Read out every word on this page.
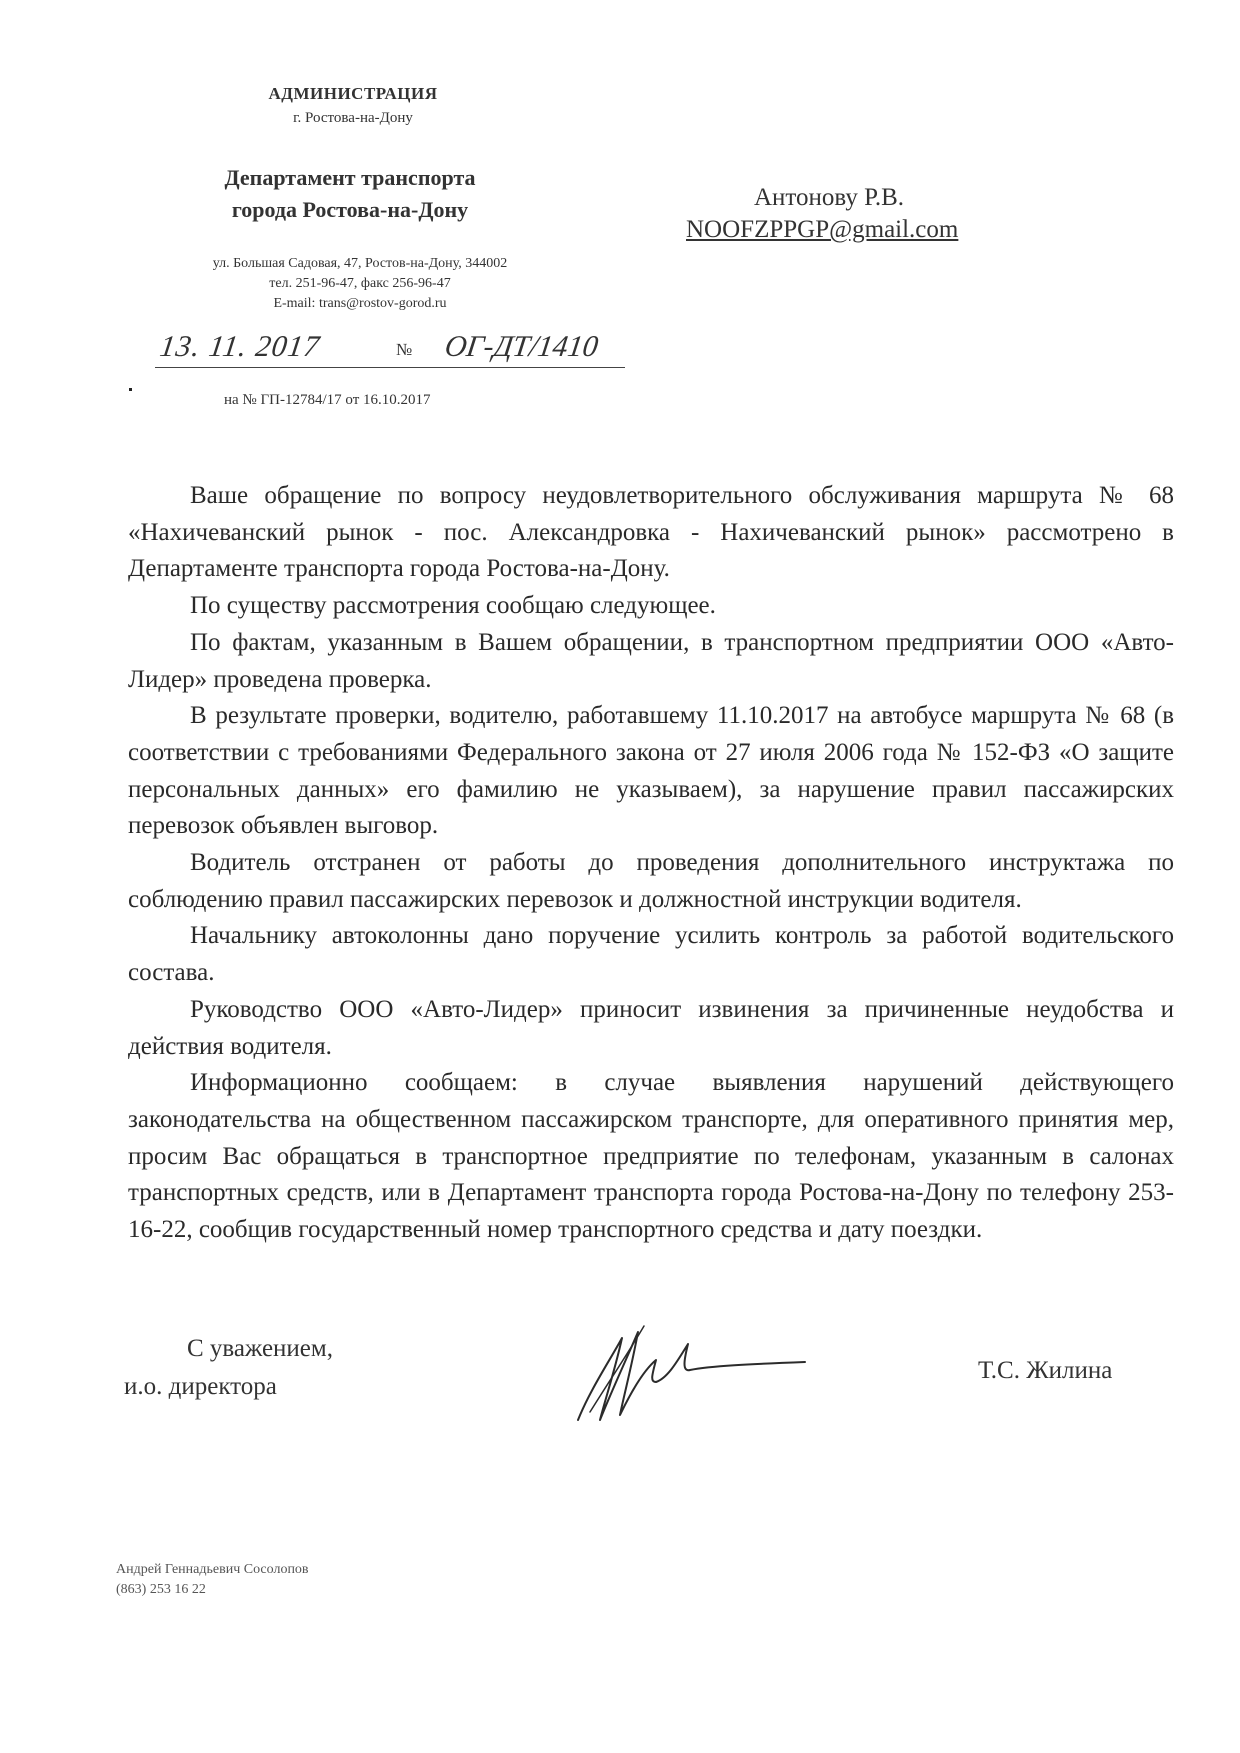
АДМИНИСТРАЦИЯ
г. Ростова-на-Дону
Департамент транспорта
города Ростова-на-Дону
ул. Большая Садовая, 47, Ростов-на-Дону, 344002
тел. 251-96-47, факс 256-96-47
E-mail: trans@rostov-gorod.ru
13. 11. 2017	№ ОГ-ДТ/1410
на № ГП-12784/17 от 16.10.2017
Антонову Р.В.
NOOFZPPGP@gmail.com

Ваше обращение по вопросу неудовлетворительного обслуживания маршрута № 68 «Нахичеванский рынок - пос. Александровка - Нахичеванский рынок» рассмотрено в Департаменте транспорта города Ростова-на-Дону.

По существу рассмотрения сообщаю следующее.

По фактам, указанным в Вашем обращении, в транспортном предприятии ООО «Авто-Лидер» проведена проверка.

В результате проверки, водителю, работавшему 11.10.2017 на автобусе маршрута № 68 (в соответствии с требованиями Федерального закона от 27 июля 2006 года № 152-ФЗ «О защите персональных данных» его фамилию не указываем), за нарушение правил пассажирских перевозок объявлен выговор.

Водитель отстранен от работы до проведения дополнительного инструктажа по соблюдению правил пассажирских перевозок и должностной инструкции водителя.

Начальнику автоколонны дано поручение усилить контроль за работой водительского состава.

Руководство ООО «Авто-Лидер» приносит извинения за причиненные неудобства и действия водителя.

Информационно сообщаем: в случае выявления нарушений действующего законодательства на общественном пассажирском транспорте, для оперативного принятия мер, просим Вас обращаться в транспортное предприятие по телефонам, указанным в салонах транспортных средств, или в Департамент транспорта города Ростова-на-Дону по телефону 253-16-22, сообщив государственный номер транспортного средства и дату поездки.

С уважением,
и.о. директора
Т.С. Жилина
Андрей Геннадьевич Сосолопов
(863) 253 16 22
